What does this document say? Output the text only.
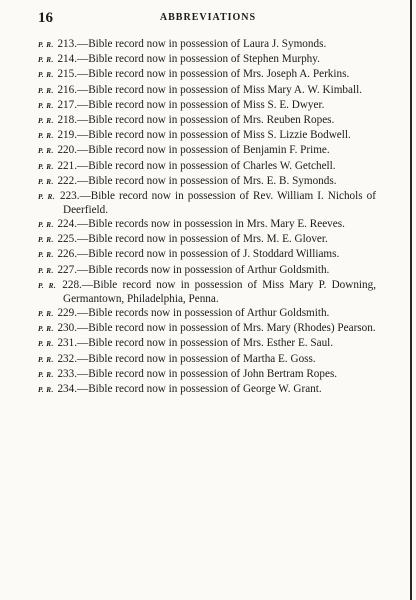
16	ABBREVIATIONS

P. R. 213.—Bible record now in possession of Laura J. Symonds.

P. R. 214.—Bible record now in possession of Stephen Murphy.

P. R. 215.—Bible record now in possession of Mrs. Joseph A. Perkins.

P. R. 216.—Bible record now in possession of Miss Mary A. W. Kimball.

P. R. 217.—Bible record now in possession of Miss S. E. Dwyer.

P. R. 218.—Bible record now in possession of Mrs. Reuben Ropes.

P. R. 219.—Bible record now in possession of Miss S. Lizzie Bodwell.

P. R. 220.—Bible record now in possession of Benjamin F. Prime.

P. R. 221.—Bible record now in possession of Charles W. Getchell.

P. R. 222.—Bible record now in possession of Mrs. E. B. Symonds.

P. R. 223.—Bible record now in possession of Rev. William I. Nichols of Deerfield.

P. R. 224.—Bible records now in possession in Mrs. Mary E. Reeves.

P. R. 225.—Bible record now in possession of Mrs. M. E. Glover.

P. R. 226.—Bible record now in possession of J. Stoddard Williams.

P. R. 227.—Bible records now in possession of Arthur Goldsmith.

P. R. 228.—Bible record now in possession of Miss Mary P. Downing, Germantown, Philadelphia, Penna.

P. R. 229.—Bible records now in possession of Arthur Goldsmith.

P. R. 230.—Bible record now in possession of Mrs. Mary (Rhodes) Pearson.

P. R. 231.—Bible record now in possession of Mrs. Esther E. Saul.

P. R. 232.—Bible record now in possession of Martha E. Goss.

P. R. 233.—Bible record now in possession of John Bertram Ropes.

P. R. 234.—Bible record now in possession of George W. Grant.
